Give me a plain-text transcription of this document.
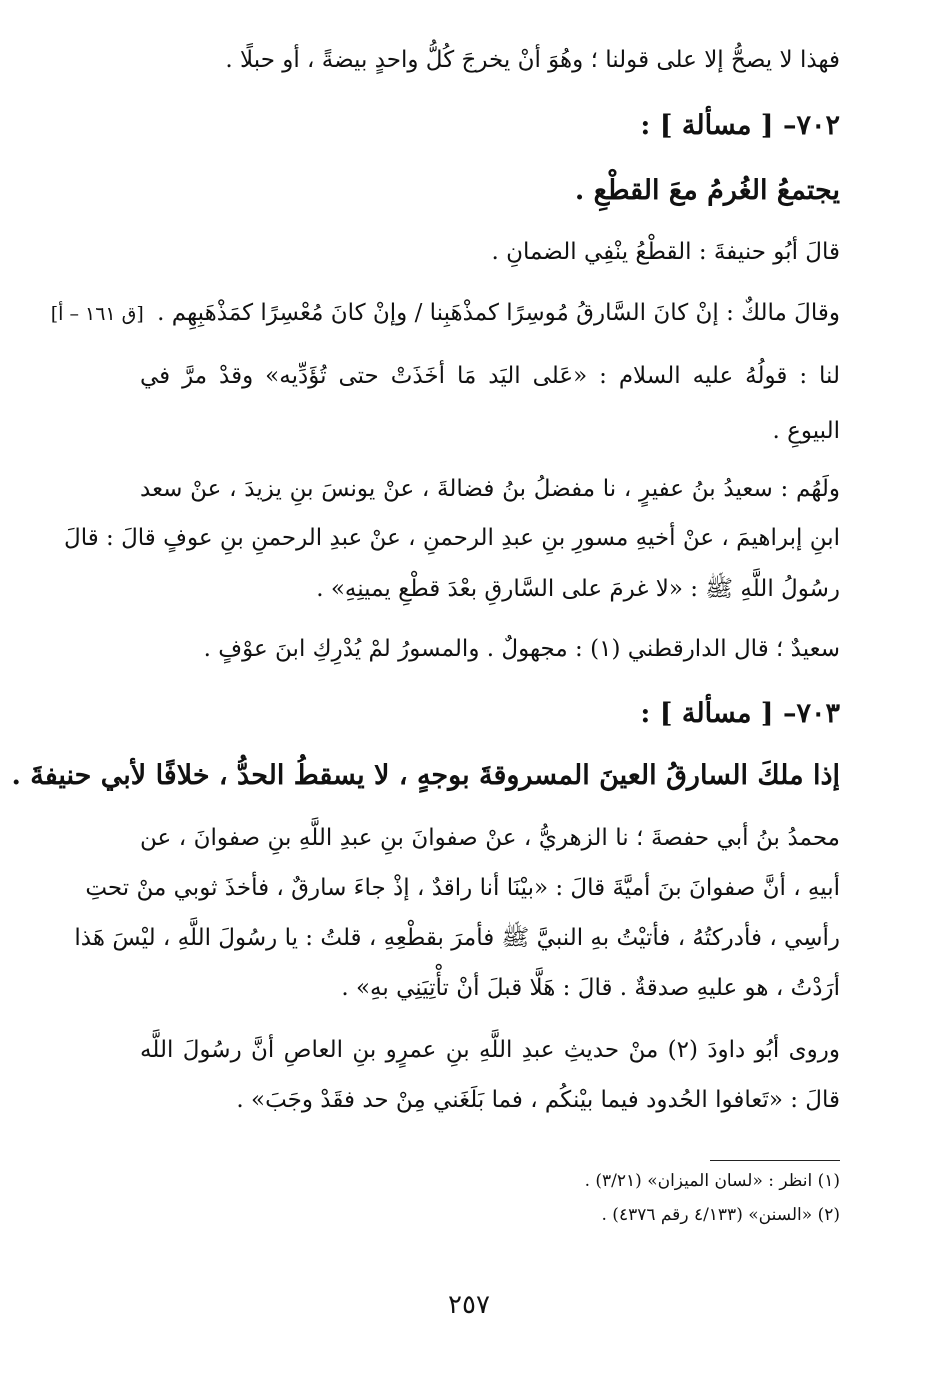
فهذا لا يصحُّ إلا على قولنا ؛ وهُوَ أنْ يخرجَ كُلُّ واحدٍ بيضةً ، أو حبلًا .
٧٠٢– [ مسألة ] :
يجتمعُ الغُرمُ معَ القطْعِ .
قالَ أبُو حنيفةَ : القطْعُ ينْفِي الضمانِ .
وقالَ مالكٌ : إنْ كانَ السَّارقُ مُوسِرًا كمذْهَبِنا / وإنْ كانَ مُعْسِرًا كمَذْهَبِهِم . [ق ١٦١ – أ]
لنا : قولُهُ عليه السلام : «عَلى اليَد مَا أخَذَتْ حتى تُؤَدِّيه» وقدْ مرَّ في
البيوعِ .
ولَهُم : سعيدُ بنُ عفيرٍ ، نا مفضلُ بنُ فضالةَ ، عنْ يونسَ بنِ يزيدَ ، عنْ سعد
ابنِ إبراهيمَ ، عنْ أخيهِ مسورِ بنِ عبدِ الرحمنِ ، عنْ عبدِ الرحمنِ بنِ عوفٍ قالَ : قالَ
رسُولُ اللَّهِ ﷺ : «لا غرمَ على السَّارقِ بعْدَ قطْعِ يمينِهِ» .
سعيدٌ ؛ قال الدارقطني (١) : مجهولٌ . والمسورُ لمْ يُدْرِكِ ابنَ عوْفٍ .
٧٠٣– [ مسألة ] :
إذا ملكَ السارقُ العينَ المسروقةَ بوجهٍ ، لا يسقطُ الحدُّ ، خلافًا لأبي حنيفةَ .
محمدُ بنُ أبي حفصةَ ؛ نا الزهريُّ ، عنْ صفوانَ بنِ عبدِ اللَّهِ بنِ صفوانَ ، عن
أبيهِ ، أنَّ صفوانَ بنَ أميَّةَ قالَ : «بيْنَا أنا راقدٌ ، إذْ جاءَ سارقٌ ، فأخذَ ثوبي منْ تحتِ
رأسِي ، فأدركتُهُ ، فأتيْتُ بهِ النبيَّ ﷺ فأمرَ بقطْعِهِ ، قلتُ : يا رسُولَ اللَّهِ ، ليْسَ هَذا
أرَدْتُ ، هو عليهِ صدقةٌ . قالَ : هَلَّا قبلَ أنْ تأْتِيَنِي بهِ» .
وروى أبُو داودَ (٢) منْ حديثِ عبدِ اللَّهِ بنِ عمرٍو بنِ العاصِ أنَّ رسُولَ اللَّه
قالَ : «تَعافوا الحُدود فيما بيْنكُم ، فما بَلَغَني مِنْ حد فقَدْ وجَبَ» .
(١) انظر : «لسان الميزان» (٣/٢١) .
(٢) «السنن» (٤/١٣٣ رقم ٤٣٧٦) .
٢٥٧
